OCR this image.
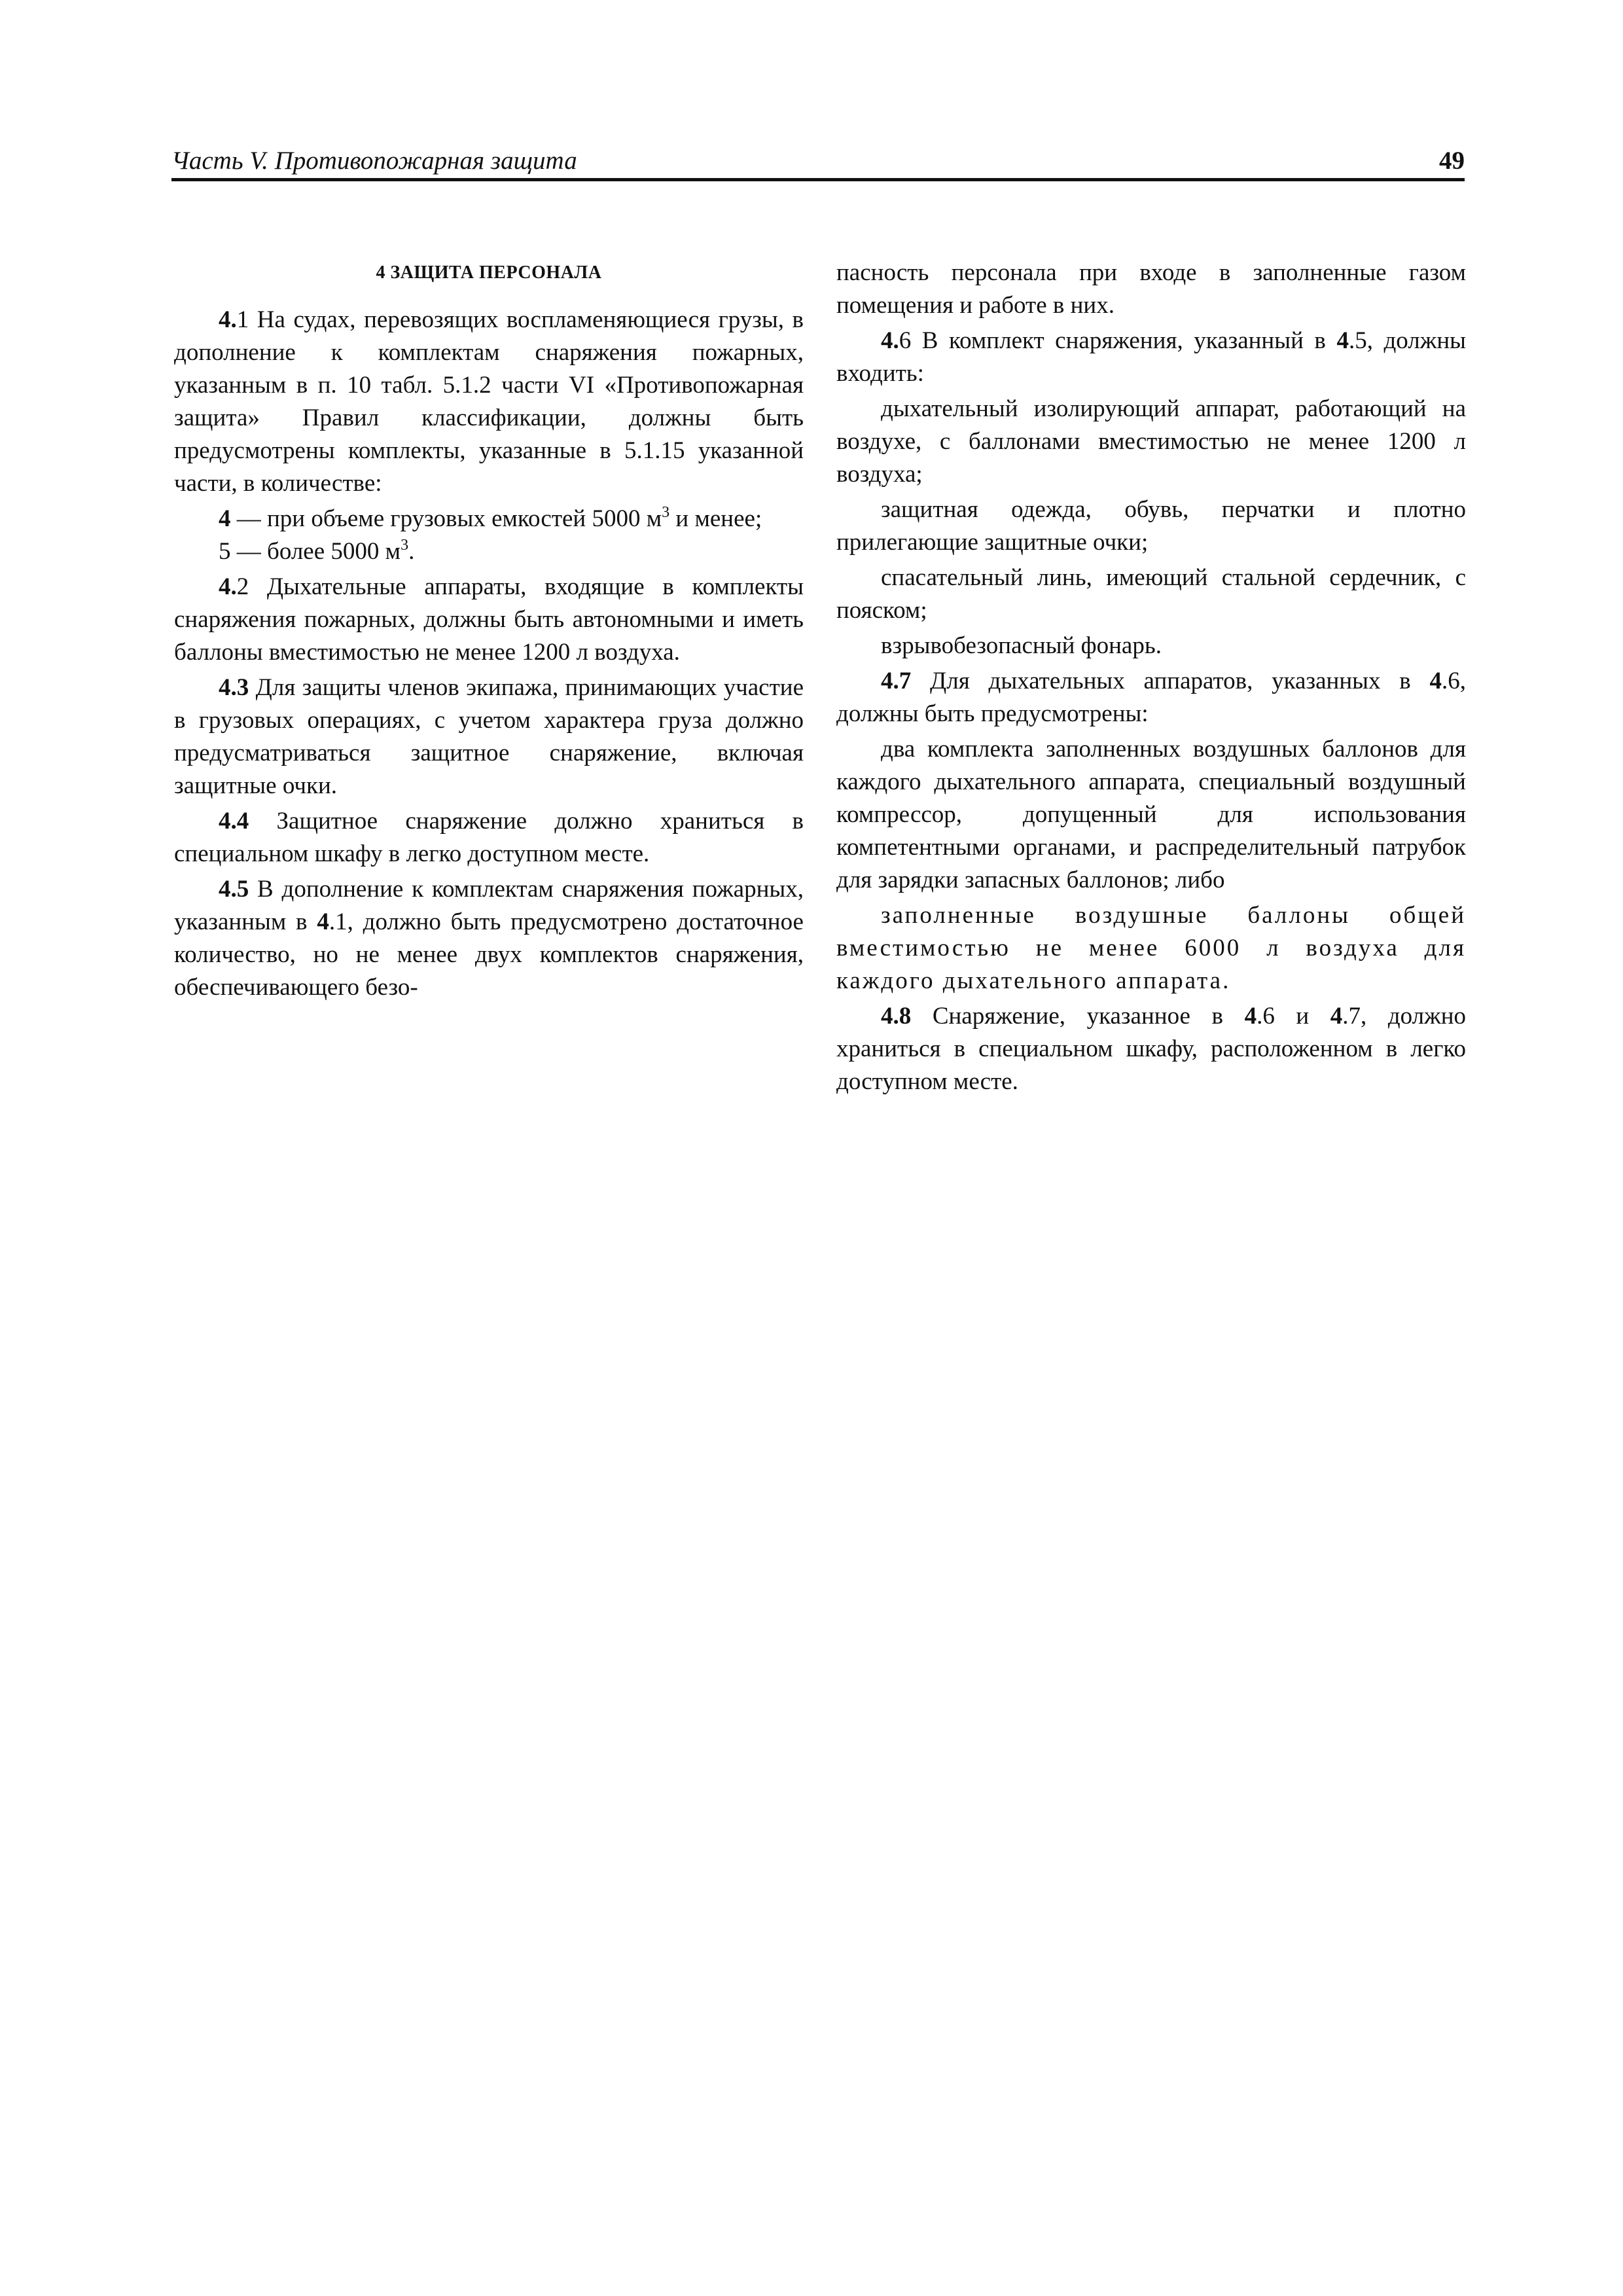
Часть V. Противопожарная защита	49
4 ЗАЩИТА ПЕРСОНАЛА

4.1 На судах, перевозящих воспламеняющиеся грузы, в дополнение к комплектам снаряжения пожарных, указанным в п. 10 табл. 5.1.2 части VI «Противопожарная защита» Правил классификации, должны быть предусмотрены комплекты, указанные в 5.1.15 указанной части, в количестве:

4 — при объеме грузовых емкостей 5000 $м^3$ и менее;

5 — более 5000 $м^3$.

4.2 Дыхательные аппараты, входящие в комплекты снаряжения пожарных, должны быть автономными и иметь баллоны вместимостью не менее 1200 л воздуха.

4.3 Для защиты членов экипажа, принимающих участие в грузовых операциях, с учетом характера груза должно предусматриваться защитное снаряжение, включая защитные очки.

4.4 Защитное снаряжение должно храниться в специальном шкафу в легко доступном месте.

4.5 В дополнение к комплектам снаряжения пожарных, указанным в 4.1, должно быть предусмотрено достаточное количество, но не менее двух комплектов снаряжения, обеспечивающего безо-

пасность персонала при входе в заполненные газом помещения и работе в них.

4.6 В комплект снаряжения, указанный в 4.5, должны входить:

дыхательный изолирующий аппарат, работающий на воздухе, с баллонами вместимостью не менее 1200 л воздуха;

защитная одежда, обувь, перчатки и плотно прилегающие защитные очки;

спасательный линь, имеющий стальной сердечник, с пояском;

взрывобезопасный фонарь.

4.7 Для дыхательных аппаратов, указанных в 4.6, должны быть предусмотрены:

два комплекта заполненных воздушных баллонов для каждого дыхательного аппарата, специальный воздушный компрессор, допущенный для использования компетентными органами, и распределительный патрубок для зарядки запасных баллонов; либо

заполненные воздушные баллоны общей вместимостью не менее 6000 л воздуха для каждого дыхательного аппарата.

4.8 Снаряжение, указанное в 4.6 и 4.7, должно храниться в специальном шкафу, расположенном в легко доступном месте.
